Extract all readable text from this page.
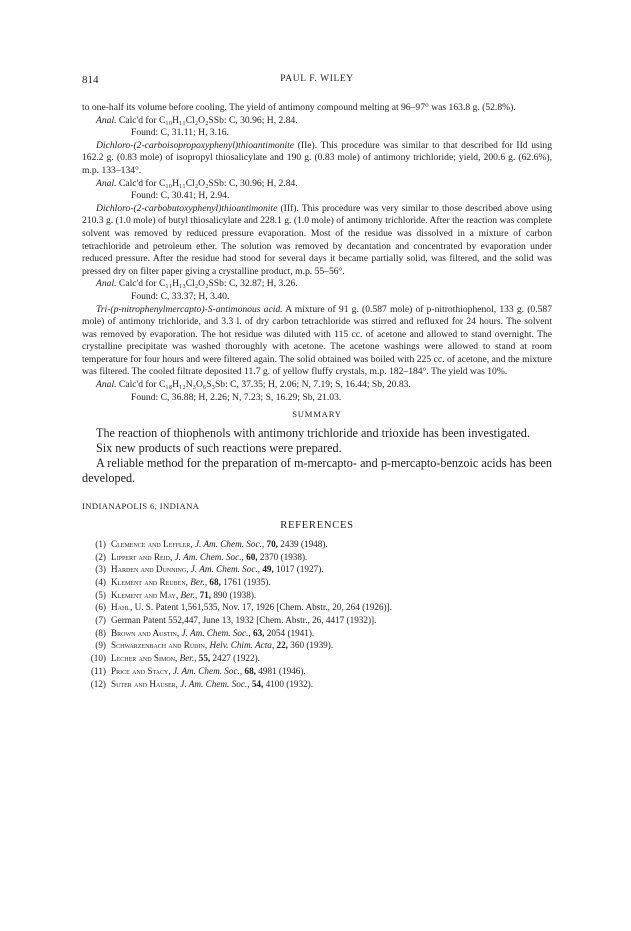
814	PAUL F. WILEY

to one-half its volume before cooling. The yield of antimony compound melting at 96–97° was 163.8 g. (52.8%).

Anal. Calc'd for C₁₀H₁₁Cl₂O₂SSb: C, 30.96; H, 2.84.

Found: C, 31.11; H, 3.16.

Dichloro-(2-carboisopropoxyphenyl)thioantimonite (IIe). This procedure was similar to that described for IId using 162.2 g. (0.83 mole) of isopropyl thiosalicylate and 190 g. (0.83 mole) of antimony trichloride; yield, 200.6 g. (62.6%), m.p. 133–134°.

Anal. Calc'd for C₁₀H₁₁Cl₂O₂SSb: C, 30.96; H, 2.84.

Found: C, 30.41; H, 2.94.

Dichloro-(2-carbobutoxyphenyl)thioantimonite (IIf). This procedure was very similar to those described above using 210.3 g. (1.0 mole) of butyl thiosalicylate and 228.1 g. (1.0 mole) of antimony trichloride. After the reaction was complete solvent was removed by reduced pressure evaporation. Most of the residue was dissolved in a mixture of carbon tetrachloride and petroleum ether. The solution was removed by decantation and concentrated by evaporation under reduced pressure. After the residue had stood for several days it became partially solid, was filtered, and the solid was pressed dry on filter paper giving a crystalline product, m.p. 55–56°.

Anal. Calc'd for C₁₁H₁₃Cl₂O₂SSb: C, 32.87; H, 3.26.

Found: C, 33.37; H, 3.40.

Tri-(p-nitrophenylmercapto)-S-antimonous acid. A mixture of 91 g. (0.587 mole) of p-nitrothiophenol, 133 g. (0.587 mole) of antimony trichloride, and 3.3 l. of dry carbon tetrachloride was stirred and refluxed for 24 hours. The solvent was removed by evaporation. The hot residue was diluted with 115 cc. of acetone and allowed to stand overnight. The crystalline precipitate was washed thoroughly with acetone. The acetone washings were allowed to stand at room temperature for four hours and were filtered again. The solid obtained was boiled with 225 cc. of acetone, and the mixture was filtered. The cooled filtrate deposited 11.7 g. of yellow fluffy crystals, m.p. 182–184°. The yield was 10%.

Anal. Calc'd for C₁₈H₁₂N₃O₆S₃Sb: C, 37.35; H, 2.06; N, 7.19; S, 16.44; Sb, 20.83.

Found: C, 36.88; H, 2.26; N, 7.23; S, 16.29; Sb, 21.03.

SUMMARY

The reaction of thiophenols with antimony trichloride and trioxide has been investigated.

Six new products of such reactions were prepared.

A reliable method for the preparation of m-mercapto- and p-mercapto-benzoic acids has been developed.

INDIANAPOLIS 6, INDIANA
REFERENCES
(1) Clemence and Leffler, J. Am. Chem. Soc., 70, 2439 (1948).
(2) Lippert and Reid, J. Am. Chem. Soc., 60, 2370 (1938).
(3) Harden and Dunning, J. Am. Chem. Soc., 49, 1017 (1927).
(4) Klement and Reuben, Ber., 68, 1761 (1935).
(5) Klement and May, Ber., 71, 890 (1938).
(6) Hahl, U. S. Patent 1,561,535, Nov. 17, 1926 [Chem. Abstr., 20, 264 (1926)].
(7) German Patent 552,447, June 13, 1932 [Chem. Abstr., 26, 4417 (1932)].
(8) Brown and Austin, J. Am. Chem. Soc., 63, 2054 (1941).
(9) Schwarzenbach and Rudin, Helv. Chim. Acta, 22, 360 (1939).
(10) Lecher and Simon, Ber., 55, 2427 (1922).
(11) Price and Stacy, J. Am. Chem. Soc., 68, 4981 (1946).
(12) Suter and Hauser, J. Am. Chem. Soc., 54, 4100 (1932).
